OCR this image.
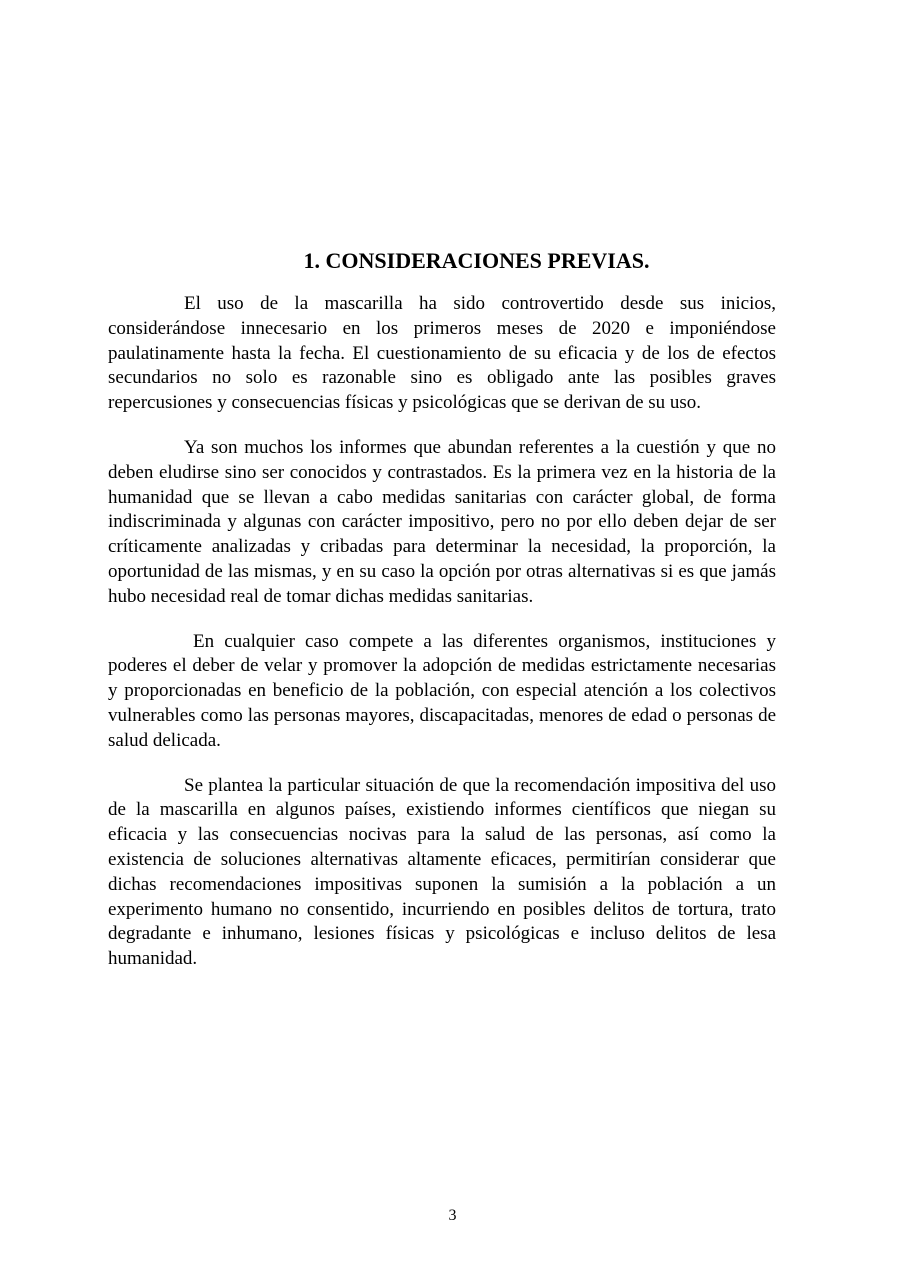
1. CONSIDERACIONES PREVIAS.

El uso de la mascarilla ha sido controvertido desde sus inicios, considerándose innecesario en los primeros meses de 2020 e imponiéndose paulatinamente hasta la fecha. El cuestionamiento de su eficacia y de los de efectos secundarios no solo es razonable sino es obligado ante las posibles graves repercusiones y consecuencias físicas y psicológicas que se derivan de su uso.

Ya son muchos los informes que abundan referentes a la cuestión y que no deben eludirse sino ser conocidos y contrastados. Es la primera vez en la historia de la humanidad que se llevan a cabo medidas sanitarias con carácter global, de forma indiscriminada y algunas con carácter impositivo, pero no por ello deben dejar de ser críticamente analizadas y cribadas para determinar la necesidad, la proporción, la oportunidad de las mismas, y en su caso la opción por otras alternativas si es que jamás hubo necesidad real de tomar dichas medidas sanitarias.

En cualquier caso compete a las diferentes organismos, instituciones y poderes el deber de velar y promover la adopción de medidas estrictamente necesarias y proporcionadas en beneficio de la población, con especial atención a los colectivos vulnerables como las personas mayores, discapacitadas, menores de edad o personas de salud delicada.

Se plantea la particular situación de que la recomendación impositiva del uso de la mascarilla en algunos países, existiendo informes científicos que niegan su eficacia y las consecuencias nocivas para la salud de las personas, así como la existencia de soluciones alternativas altamente eficaces, permitirían considerar que dichas recomendaciones impositivas suponen la sumisión a la población a un experimento humano no consentido, incurriendo en posibles delitos de tortura, trato degradante e inhumano, lesiones físicas y psicológicas e incluso delitos de lesa humanidad.

3
